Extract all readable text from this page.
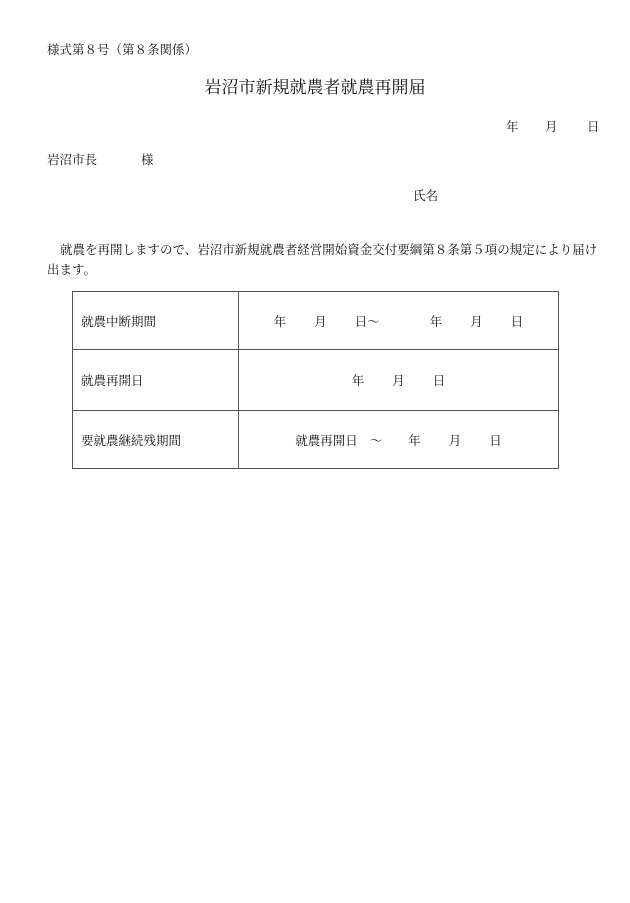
様式第８号（第８条関係）
岩沼市新規就農者就農再開届
年 月 日
岩沼市長	様
氏名
就農を再開しますので、岩沼市新規就農者経営開始資金交付要綱第８条第５項の規定により届け出ます。
就農中断期間	年 月 日～ 年 月 日
就農再開日	年 月 日
要就農継続残期間	就農再開日 ～ 年 月 日
